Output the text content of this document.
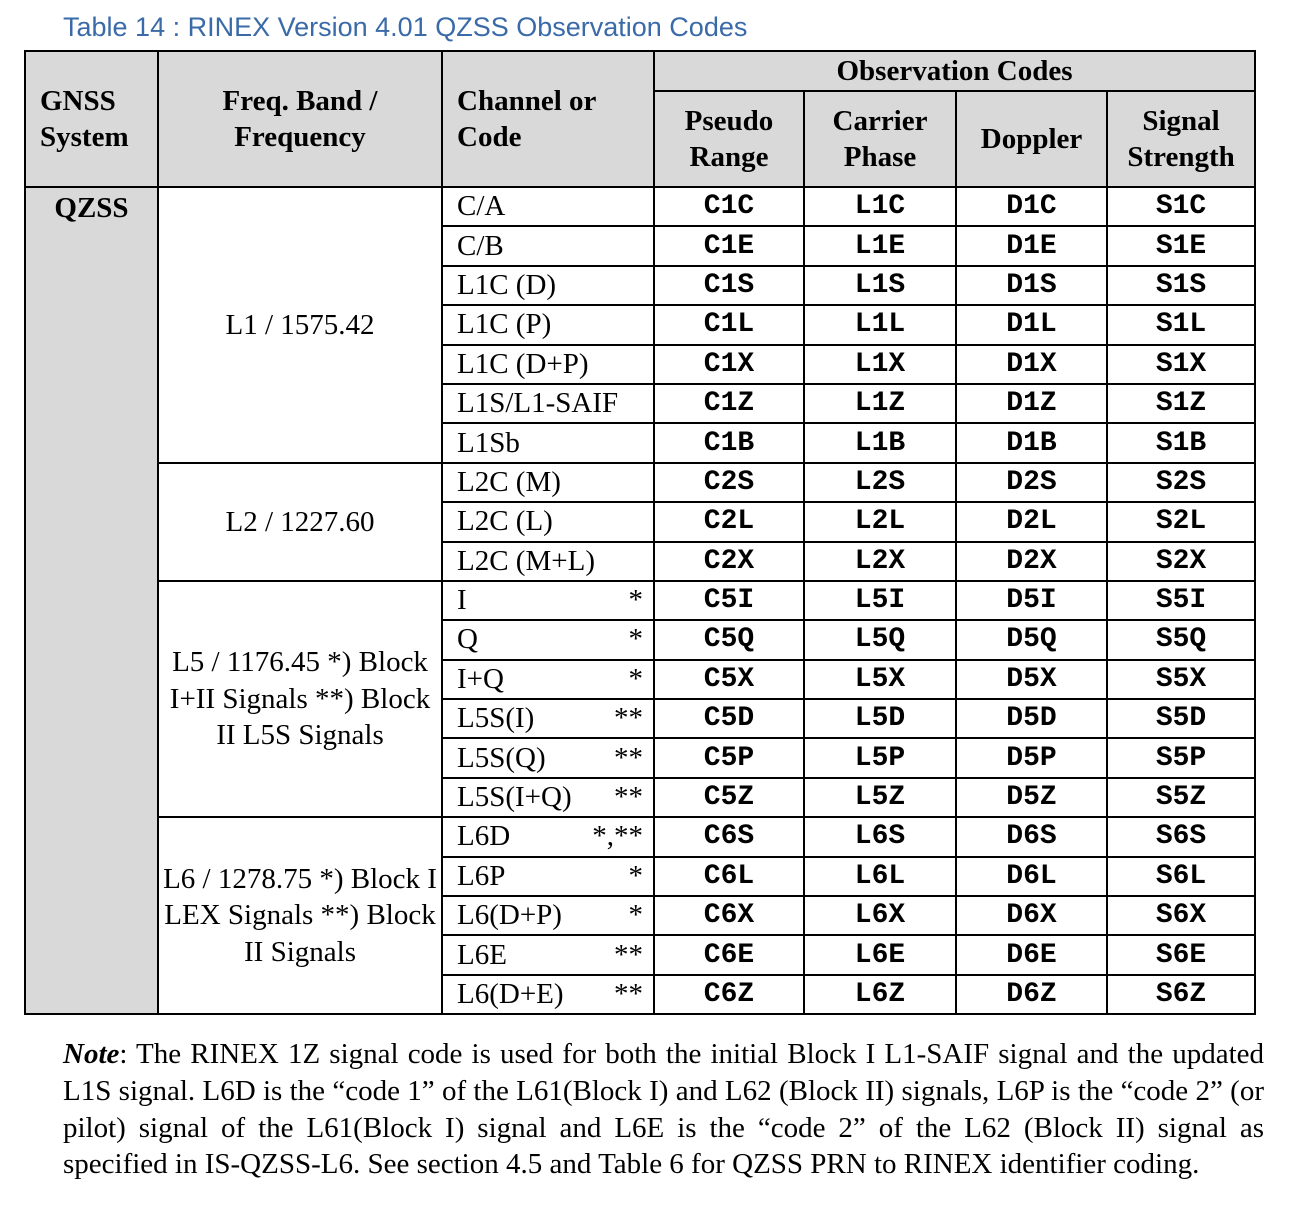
Table 14 : RINEX Version 4.01 QZSS Observation Codes
GNSS System	Freq. Band / Frequency	Channel or Code	Observation Codes			
			Pseudo Range	Carrier Phase	Doppler	Signal Strength
QZSS	L1 / 1575.42	C/A	C1C	L1C	D1C	S1C

		C/B	C1E	L1E	D1E	S1E

		L1C (D)	C1S	L1S	D1S	S1S

		L1C (P)	C1L	L1L	D1L	S1L

		L1C (D+P)	C1X	L1X	D1X	S1X

		L1S/L1-SAIF	C1Z	L1Z	D1Z	S1Z

		L1Sb	C1B	L1B	D1B	S1B
	L2 / 1227.60	L2C (M)	C2S	L2S	D2S	S2S

		L2C (L)	C2L	L2L	D2L	S2L

		L2C (M+L)	C2X	L2X	D2X	S2X
	L5 / 1176.45 *) Block I+II Signals **) Block II L5S Signals	I *	C5I	L5I	D5I	S5I

		Q *	C5Q	L5Q	D5Q	S5Q

		I+Q *	C5X	L5X	D5X	S5X

		L5S(I) **	C5D	L5D	D5D	S5D

		L5S(Q) **	C5P	L5P	D5P	S5P

		L5S(I+Q) **	C5Z	L5Z	D5Z	S5Z
	L6 / 1278.75 *) Block I LEX Signals **) Block II Signals	L6D *,**	C6S	L6S	D6S	S6S

		L6P *	C6L	L6L	D6L	S6L

		L6(D+P) *	C6X	L6X	D6X	S6X

		L6E **	C6E	L6E	D6E	S6E

		L6(D+E) **	C6Z	L6Z	D6Z	S6Z
Note: The RINEX 1Z signal code is used for both the initial Block I L1-SAIF signal and the updated L1S signal. L6D is the “code 1” of the L61(Block I) and L62 (Block II) signals, L6P is the “code 2” (or pilot) signal of the L61(Block I) signal and L6E is the “code 2” of the L62 (Block II) signal as specified in IS-QZSS-L6. See section 4.5 and Table 6 for QZSS PRN to RINEX identifier coding.
